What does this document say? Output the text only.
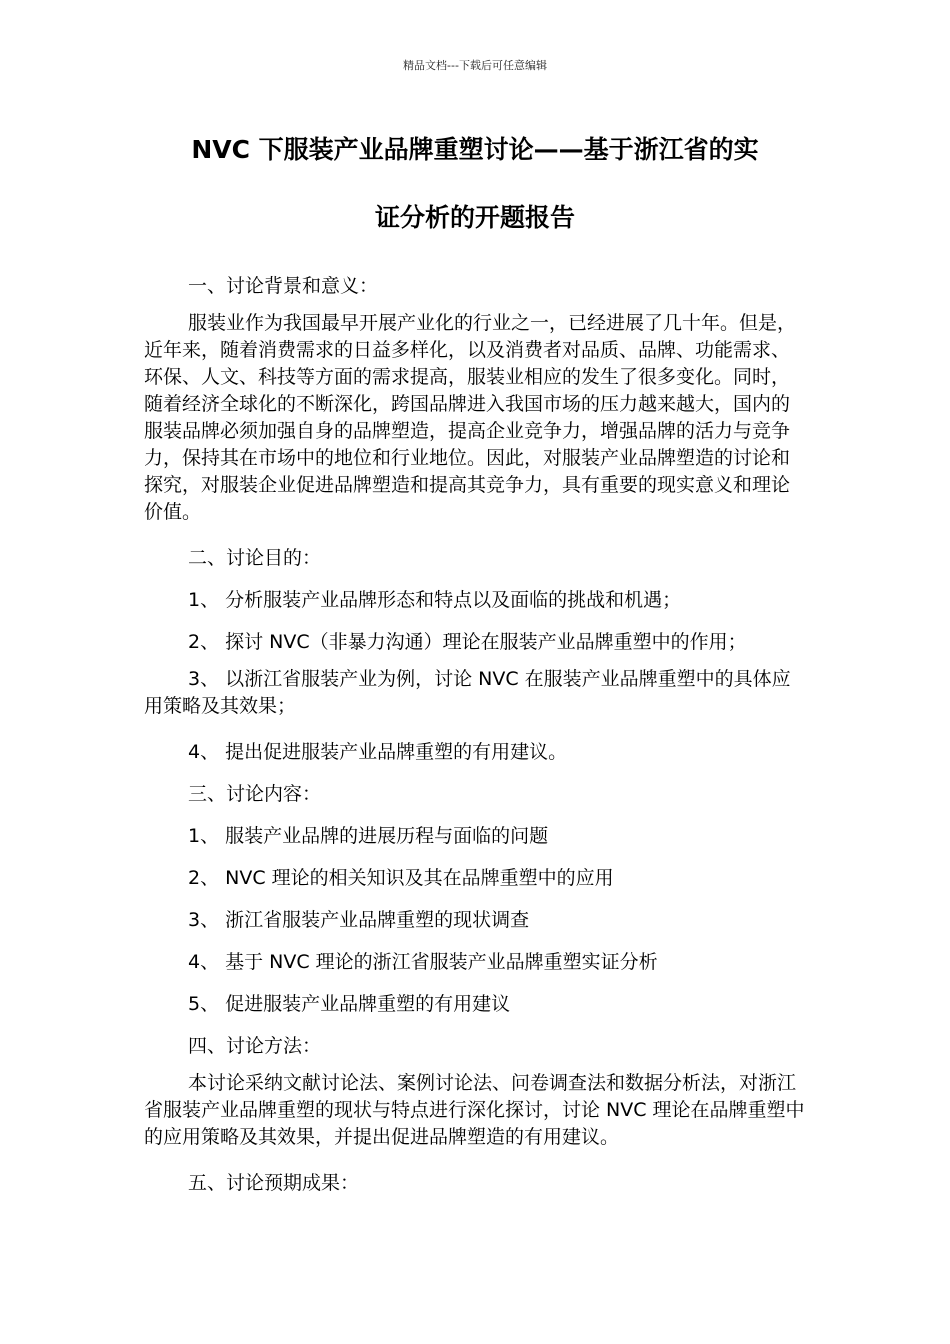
精品文档---下载后可任意编辑
NVC 下服装产业品牌重塑讨论——基于浙江省的实
证分析的开题报告

一、讨论背景和意义：

服装业作为我国最早开展产业化的行业之一，已经进展了几十年。但是，近年来，随着消费需求的日益多样化，以及消费者对品质、品牌、功能需求、环保、人文、科技等方面的需求提高，服装业相应的发生了很多变化。同时，随着经济全球化的不断深化，跨国品牌进入我国市场的压力越来越大，国内的服装品牌必须加强自身的品牌塑造，提高企业竞争力，增强品牌的活力与竞争力，保持其在市场中的地位和行业地位。因此，对服装产业品牌塑造的讨论和探究，对服装企业促进品牌塑造和提高其竞争力，具有重要的现实意义和理论价值。

二、讨论目的：

1、 分析服装产业品牌形态和特点以及面临的挑战和机遇；

2、 探讨 NVC（非暴力沟通）理论在服装产业品牌重塑中的作用；

3、 以浙江省服装产业为例，讨论 NVC 在服装产业品牌重塑中的具体应用策略及其效果；

4、 提出促进服装产业品牌重塑的有用建议。

三、讨论内容：

1、 服装产业品牌的进展历程与面临的问题

2、 NVC 理论的相关知识及其在品牌重塑中的应用

3、 浙江省服装产业品牌重塑的现状调查

4、 基于 NVC 理论的浙江省服装产业品牌重塑实证分析

5、 促进服装产业品牌重塑的有用建议

四、讨论方法：

本讨论采纳文献讨论法、案例讨论法、问卷调查法和数据分析法，对浙江省服装产业品牌重塑的现状与特点进行深化探讨，讨论 NVC 理论在品牌重塑中的应用策略及其效果，并提出促进品牌塑造的有用建议。

五、讨论预期成果：
